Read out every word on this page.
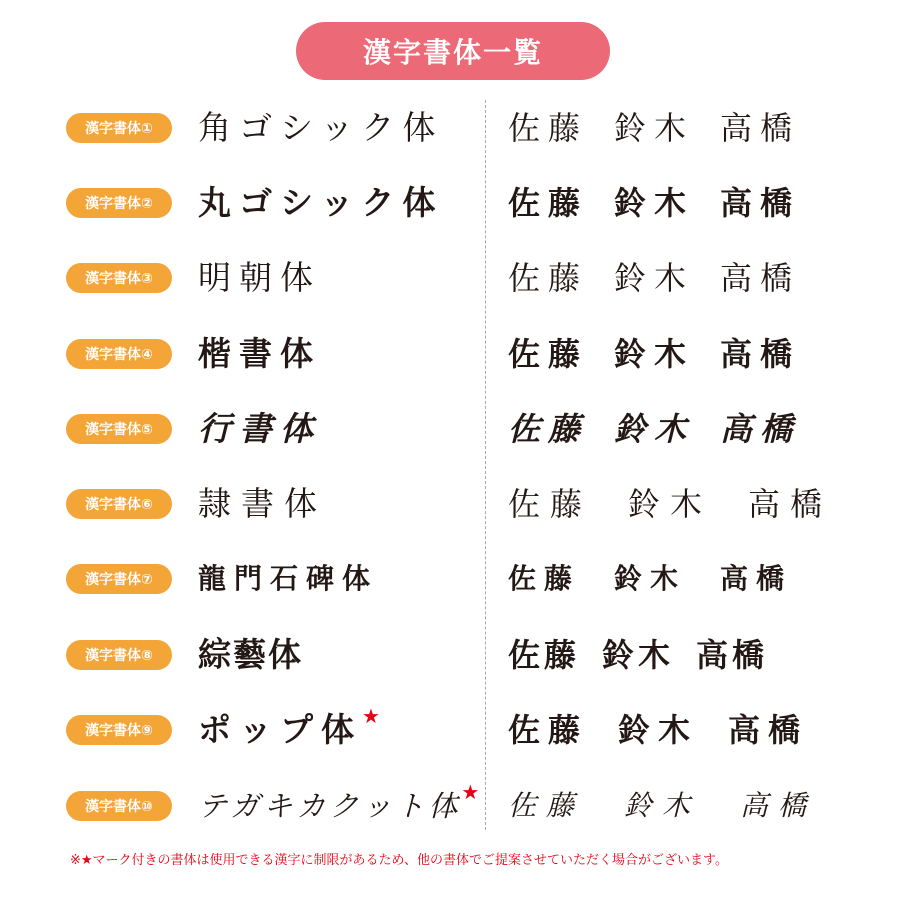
漢字書体一覧
漢字書体① 角ゴシック体 佐藤 鈴木 高橋
漢字書体② 丸ゴシック体 佐藤 鈴木 高橋
漢字書体③ 明朝体	佐藤 鈴木 高橋
漢字書体④ 楷書体	佐藤 鈴木 高橋
漢字書体⑤ 行書体	佐藤 鈴木 高橋
漢字書体⑥ 隷書体	佐藤 鈴木 高橋
漢字書体⑦ 龍門石碑体	佐藤 鈴木 高橋
漢字書体⑧ 綜藝体	佐藤 鈴木 高橋
漢字書体⑨ ポップ体★	佐藤 鈴木 高橋
漢字書体⑩ テガキカクット体★ 佐藤 鈴木 高橋
※★マーク付きの書体は使用できる漢字に制限があるため、他の書体でご提案させていただく場合がございます。
